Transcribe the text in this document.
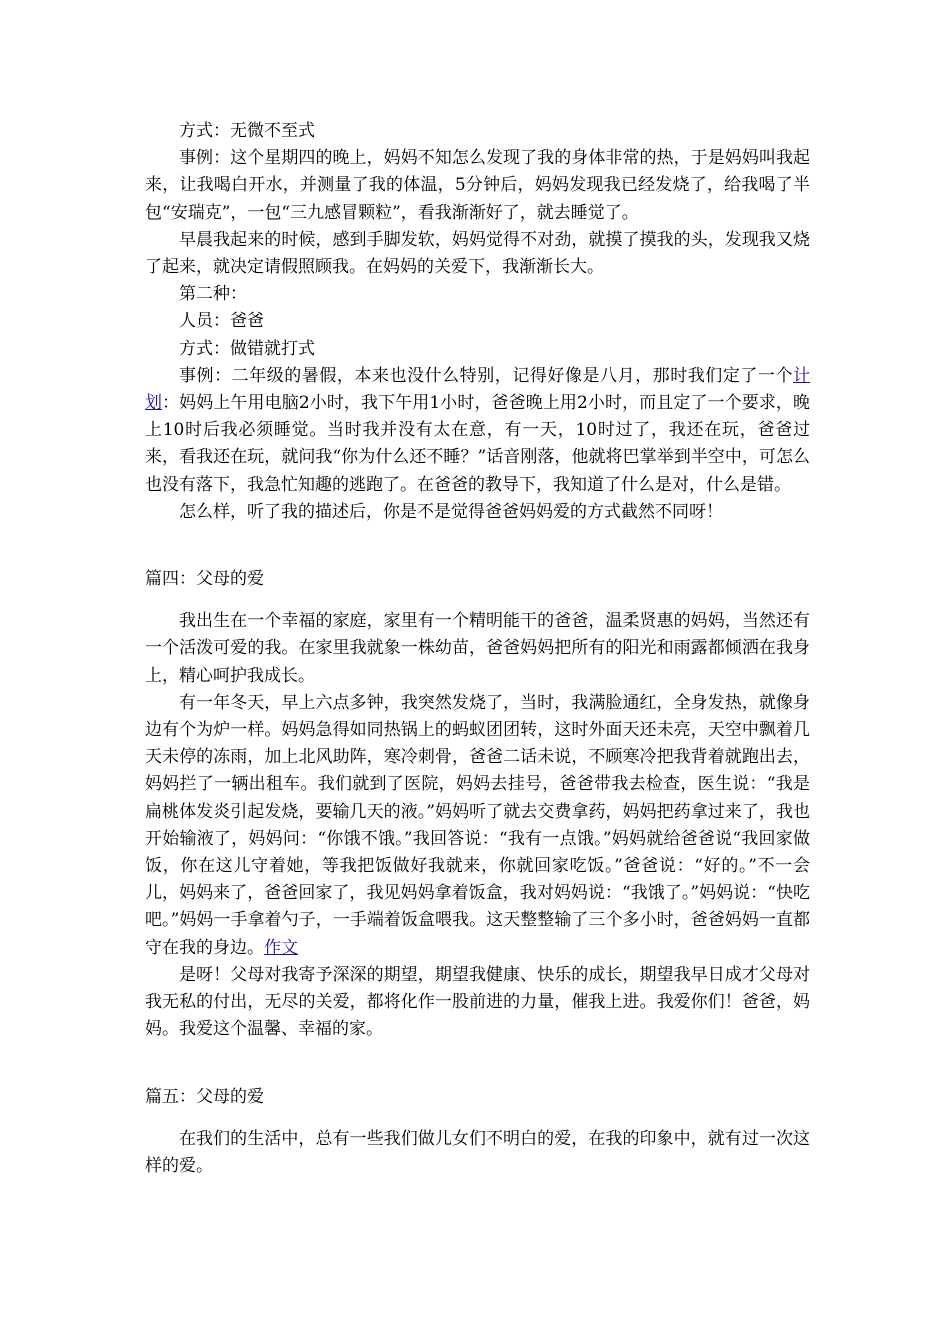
方式：无微不至式

事例：这个星期四的晚上，妈妈不知怎么发现了我的身体非常的热，于是妈妈叫我起来，让我喝白开水，并测量了我的体温，5分钟后，妈妈发现我已经发烧了，给我喝了半包“安瑞克”，一包“三九感冒颗粒”，看我渐渐好了，就去睡觉了。

早晨我起来的时候，感到手脚发软，妈妈觉得不对劲，就摸了摸我的头，发现我又烧了起来，就决定请假照顾我。在妈妈的关爱下，我渐渐长大。

第二种：

人员：爸爸

方式：做错就打式

事例：二年级的暑假，本来也没什么特别，记得好像是八月，那时我们定了一个计划：妈妈上午用电脑2小时，我下午用1小时，爸爸晚上用2小时，而且定了一个要求，晚上10时后我必须睡觉。当时我并没有太在意，有一天，10时过了，我还在玩，爸爸过来，看我还在玩，就问我“你为什么还不睡？”话音刚落，他就将巴掌举到半空中，可怎么也没有落下，我急忙知趣的逃跑了。在爸爸的教导下，我知道了什么是对，什么是错。

怎么样，听了我的描述后，你是不是觉得爸爸妈妈爱的方式截然不同呀！

篇四：父母的爱

我出生在一个幸福的家庭，家里有一个精明能干的爸爸，温柔贤惠的妈妈，当然还有一个活泼可爱的我。在家里我就象一株幼苗，爸爸妈妈把所有的阳光和雨露都倾洒在我身上，精心呵护我成长。

有一年冬天，早上六点多钟，我突然发烧了，当时，我满脸通红，全身发热，就像身边有个为炉一样。妈妈急得如同热锅上的蚂蚁团团转，这时外面天还未亮，天空中飘着几天未停的冻雨，加上北风助阵，寒冷刺骨，爸爸二话未说，不顾寒冷把我背着就跑出去，妈妈拦了一辆出租车。我们就到了医院，妈妈去挂号，爸爸带我去检查，医生说：“我是扁桃体发炎引起发烧，要输几天的液。”妈妈听了就去交费拿药，妈妈把药拿过来了，我也开始输液了，妈妈问：“你饿不饿。”我回答说：“我有一点饿。”妈妈就给爸爸说“我回家做饭，你在这儿守着她，等我把饭做好我就来，你就回家吃饭。”爸爸说：“好的。”不一会儿，妈妈来了，爸爸回家了，我见妈妈拿着饭盒，我对妈妈说：“我饿了。”妈妈说：“快吃吧。”妈妈一手拿着勺子，一手端着饭盒喂我。这天整整输了三个多小时，爸爸妈妈一直都守在我的身边。作文

是呀！父母对我寄予深深的期望，期望我健康、快乐的成长，期望我早日成才父母对我无私的付出，无尽的关爱，都将化作一股前进的力量，催我上进。我爱你们！爸爸，妈妈。我爱这个温馨、幸福的家。

篇五：父母的爱

在我们的生活中，总有一些我们做儿女们不明白的爱，在我的印象中，就有过一次这样的爱。
